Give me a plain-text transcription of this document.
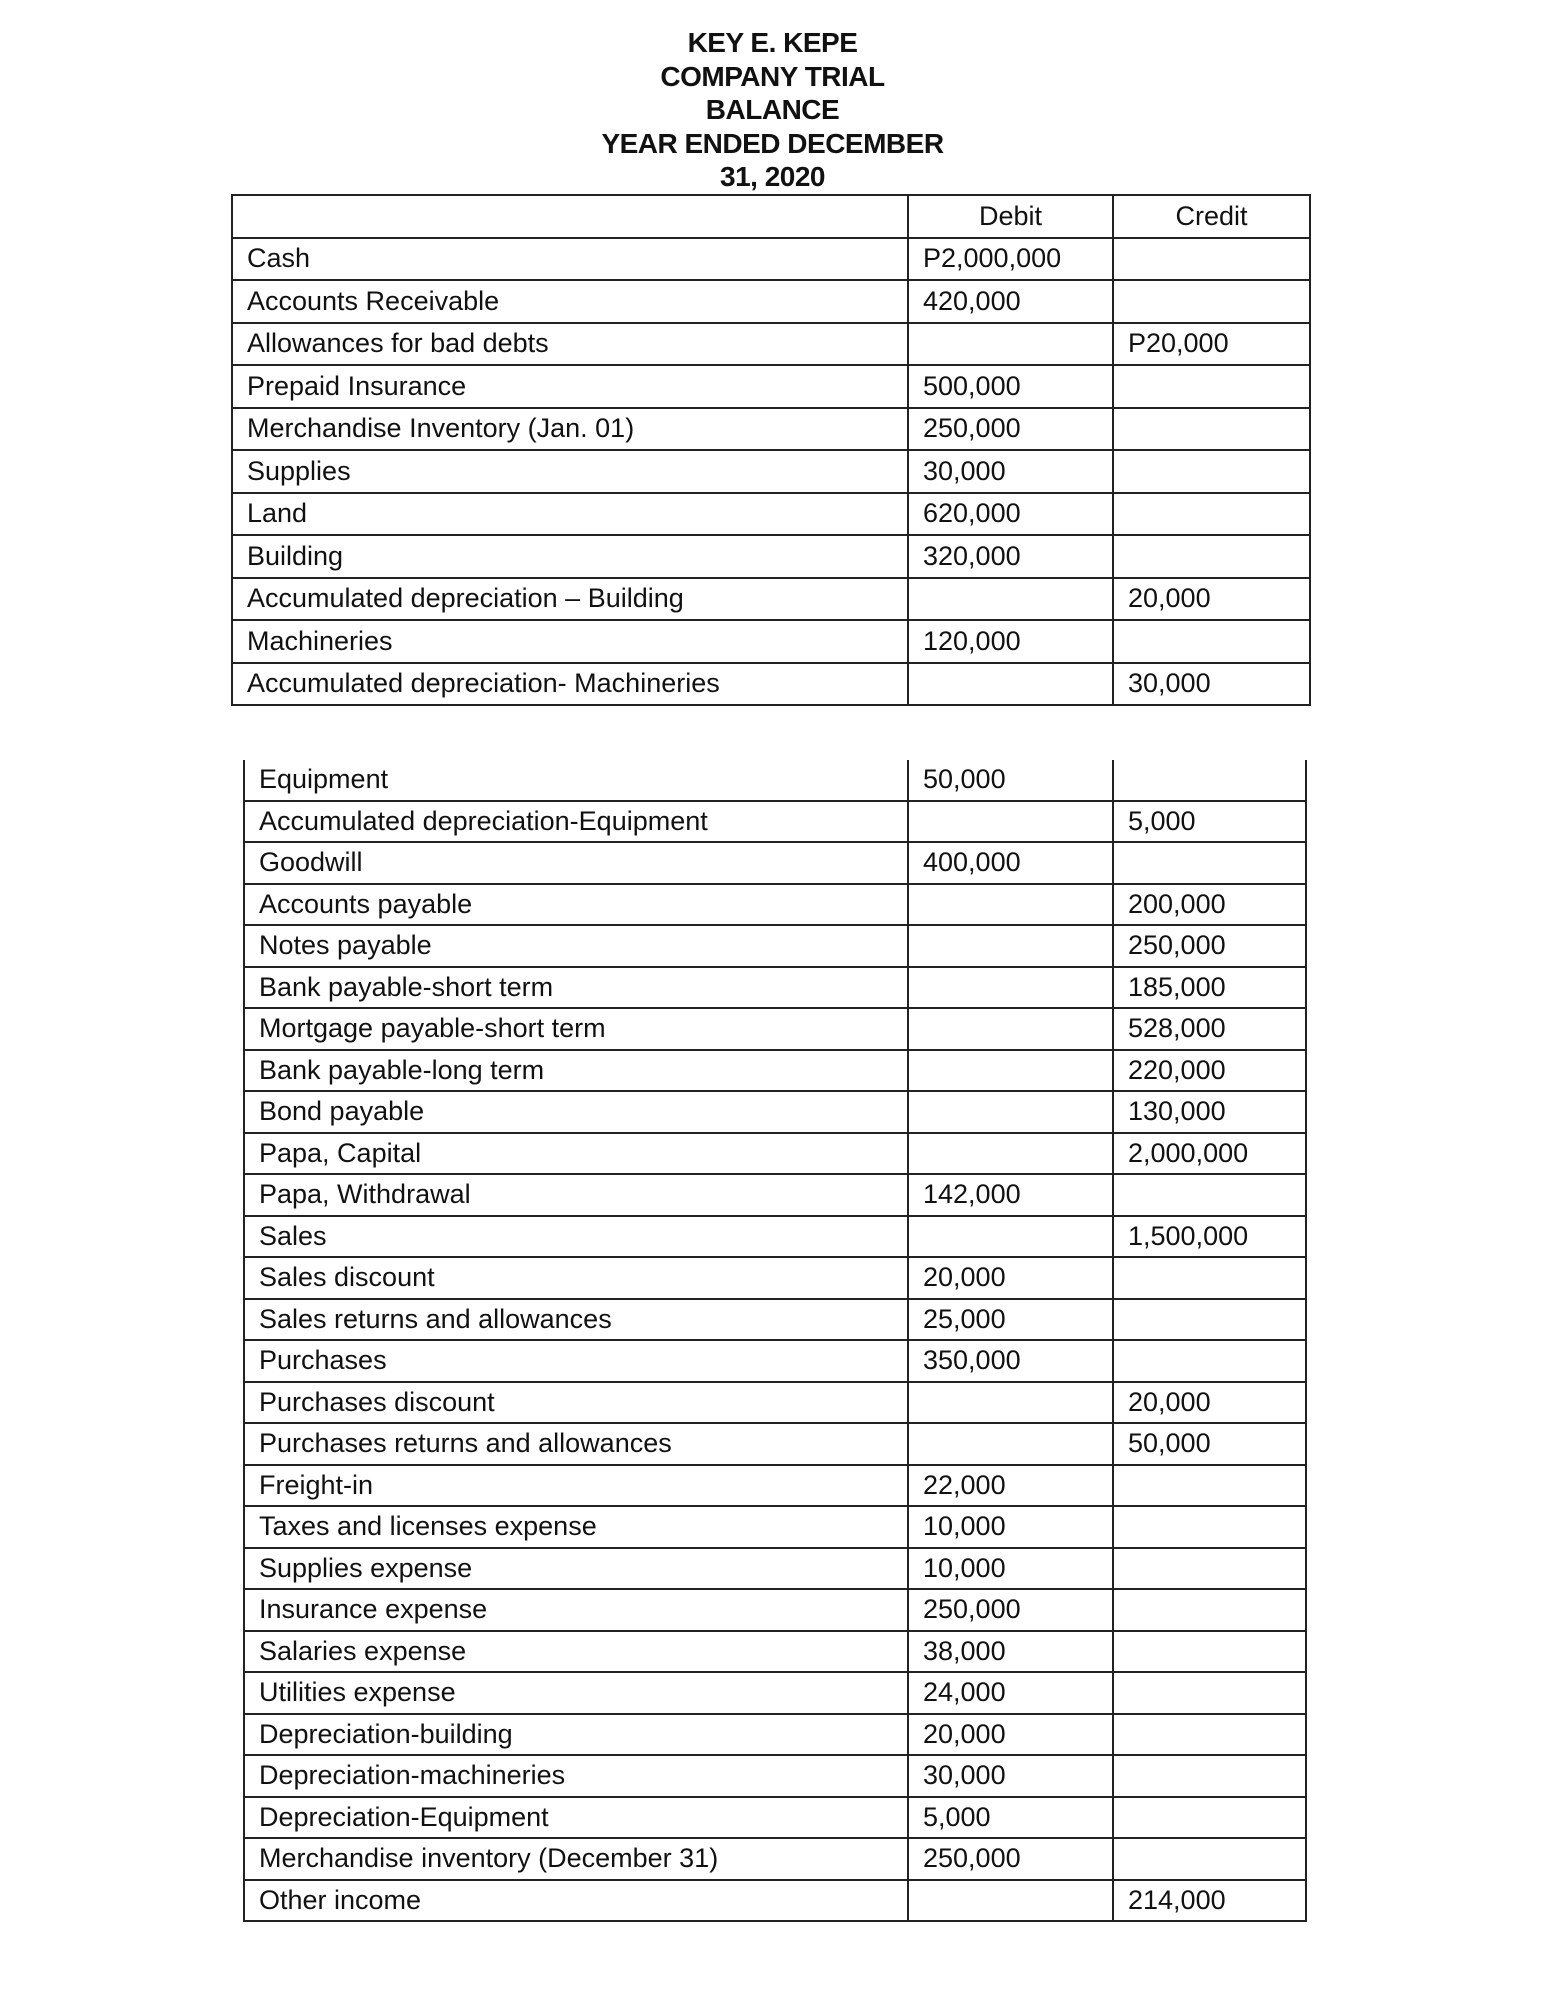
KEY E. KEPE
COMPANY TRIAL
BALANCE
YEAR ENDED DECEMBER
31, 2020
	Debit	Credit
Cash	P2,000,000	
Accounts Receivable	420,000	
Allowances for bad debts		P20,000
Prepaid Insurance	500,000	
Merchandise Inventory (Jan. 01)	250,000	
Supplies	30,000	
Land	620,000	
Building	320,000	
Accumulated depreciation – Building		20,000
Machineries	120,000	
Accumulated depreciation- Machineries		30,000
Equipment	50,000	
Accumulated depreciation-Equipment		5,000
Goodwill	400,000	
Accounts payable		200,000
Notes payable		250,000
Bank payable-short term		185,000
Mortgage payable-short term		528,000
Bank payable-long term		220,000
Bond payable		130,000
Papa, Capital		2,000,000
Papa, Withdrawal	142,000	
Sales		1,500,000
Sales discount	20,000	
Sales returns and allowances	25,000	
Purchases	350,000	
Purchases discount		20,000
Purchases returns and allowances		50,000
Freight-in	22,000	
Taxes and licenses expense	10,000	
Supplies expense	10,000	
Insurance expense	250,000	
Salaries expense	38,000	
Utilities expense	24,000	
Depreciation-building	20,000	
Depreciation-machineries	30,000	
Depreciation-Equipment	5,000	
Merchandise inventory (December 31)	250,000	
Other income		214,000
